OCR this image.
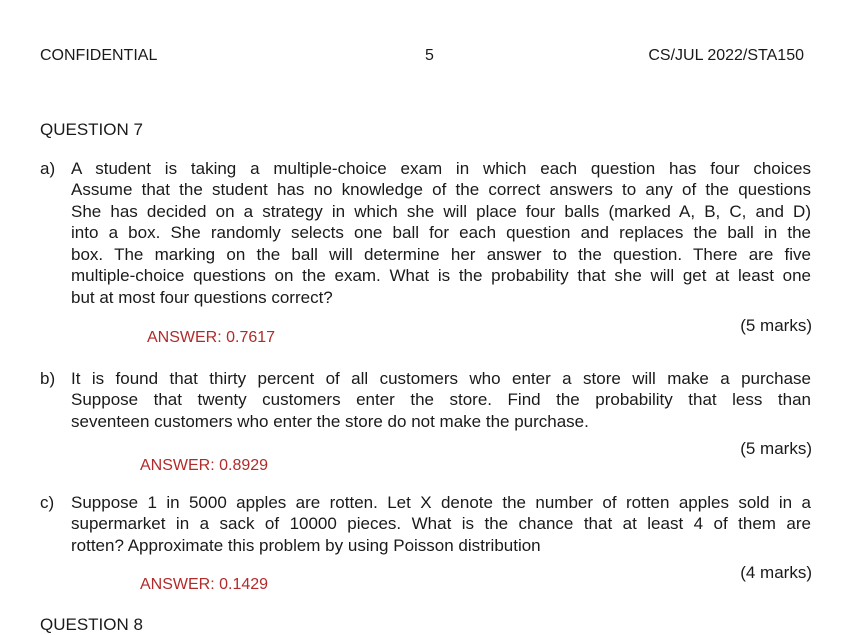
CONFIDENTIAL	5	CS/JUL 2022/STA150

QUESTION 7

a) A student is taking a multiple-choice exam in which each question has four choices

Assume that the student has no knowledge of the correct answers to any of the questions

She has decided on a strategy in which she will place four balls (marked A, B, C, and D)

into a box. She randomly selects one ball for each question and replaces the ball in the

box. The marking on the ball will determine her answer to the question. There are five

multiple-choice questions on the exam. What is the probability that she will get at least one

but at most four questions correct?

(5 marks)

ANSWER: 0.7617

b) It is found that thirty percent of all customers who enter a store will make a purchase

Suppose that twenty customers enter the store. Find the probability that less than

seventeen customers who enter the store do not make the purchase.

(5 marks)

ANSWER: 0.8929

c) Suppose 1 in 5000 apples are rotten. Let X denote the number of rotten apples sold in a

supermarket in a sack of 10000 pieces. What is the chance that at least 4 of them are

rotten? Approximate this problem by using Poisson distribution

(4 marks)

ANSWER: 0.1429

QUESTION 8
